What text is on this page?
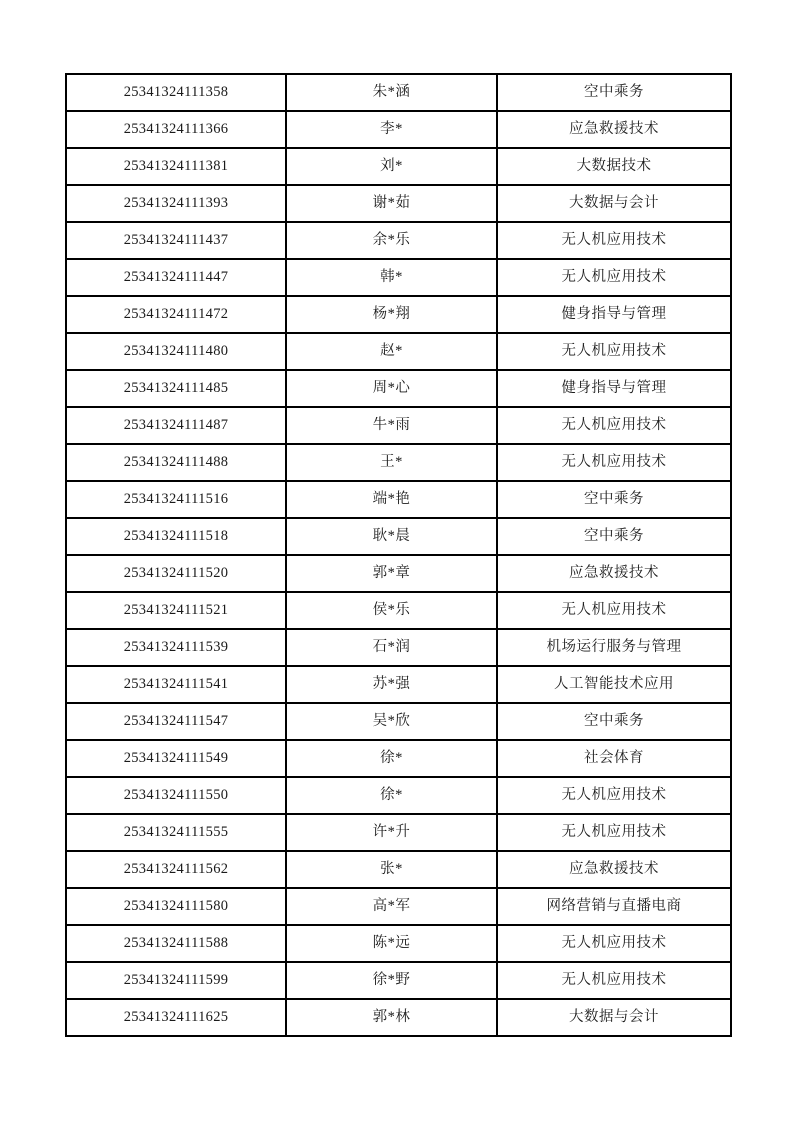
25341324111358	朱*涵	空中乘务
25341324111366	李*	应急救援技术
25341324111381	刘*	大数据技术
25341324111393	谢*茹	大数据与会计
25341324111437	余*乐	无人机应用技术
25341324111447	韩*	无人机应用技术
25341324111472	杨*翔	健身指导与管理
25341324111480	赵*	无人机应用技术
25341324111485	周*心	健身指导与管理
25341324111487	牛*雨	无人机应用技术
25341324111488	王*	无人机应用技术
25341324111516	端*艳	空中乘务
25341324111518	耿*晨	空中乘务
25341324111520	郭*章	应急救援技术
25341324111521	侯*乐	无人机应用技术
25341324111539	石*润	机场运行服务与管理
25341324111541	苏*强	人工智能技术应用
25341324111547	吴*欣	空中乘务
25341324111549	徐*	社会体育
25341324111550	徐*	无人机应用技术
25341324111555	许*升	无人机应用技术
25341324111562	张*	应急救援技术
25341324111580	高*军	网络营销与直播电商
25341324111588	陈*远	无人机应用技术
25341324111599	徐*野	无人机应用技术
25341324111625	郭*林	大数据与会计
